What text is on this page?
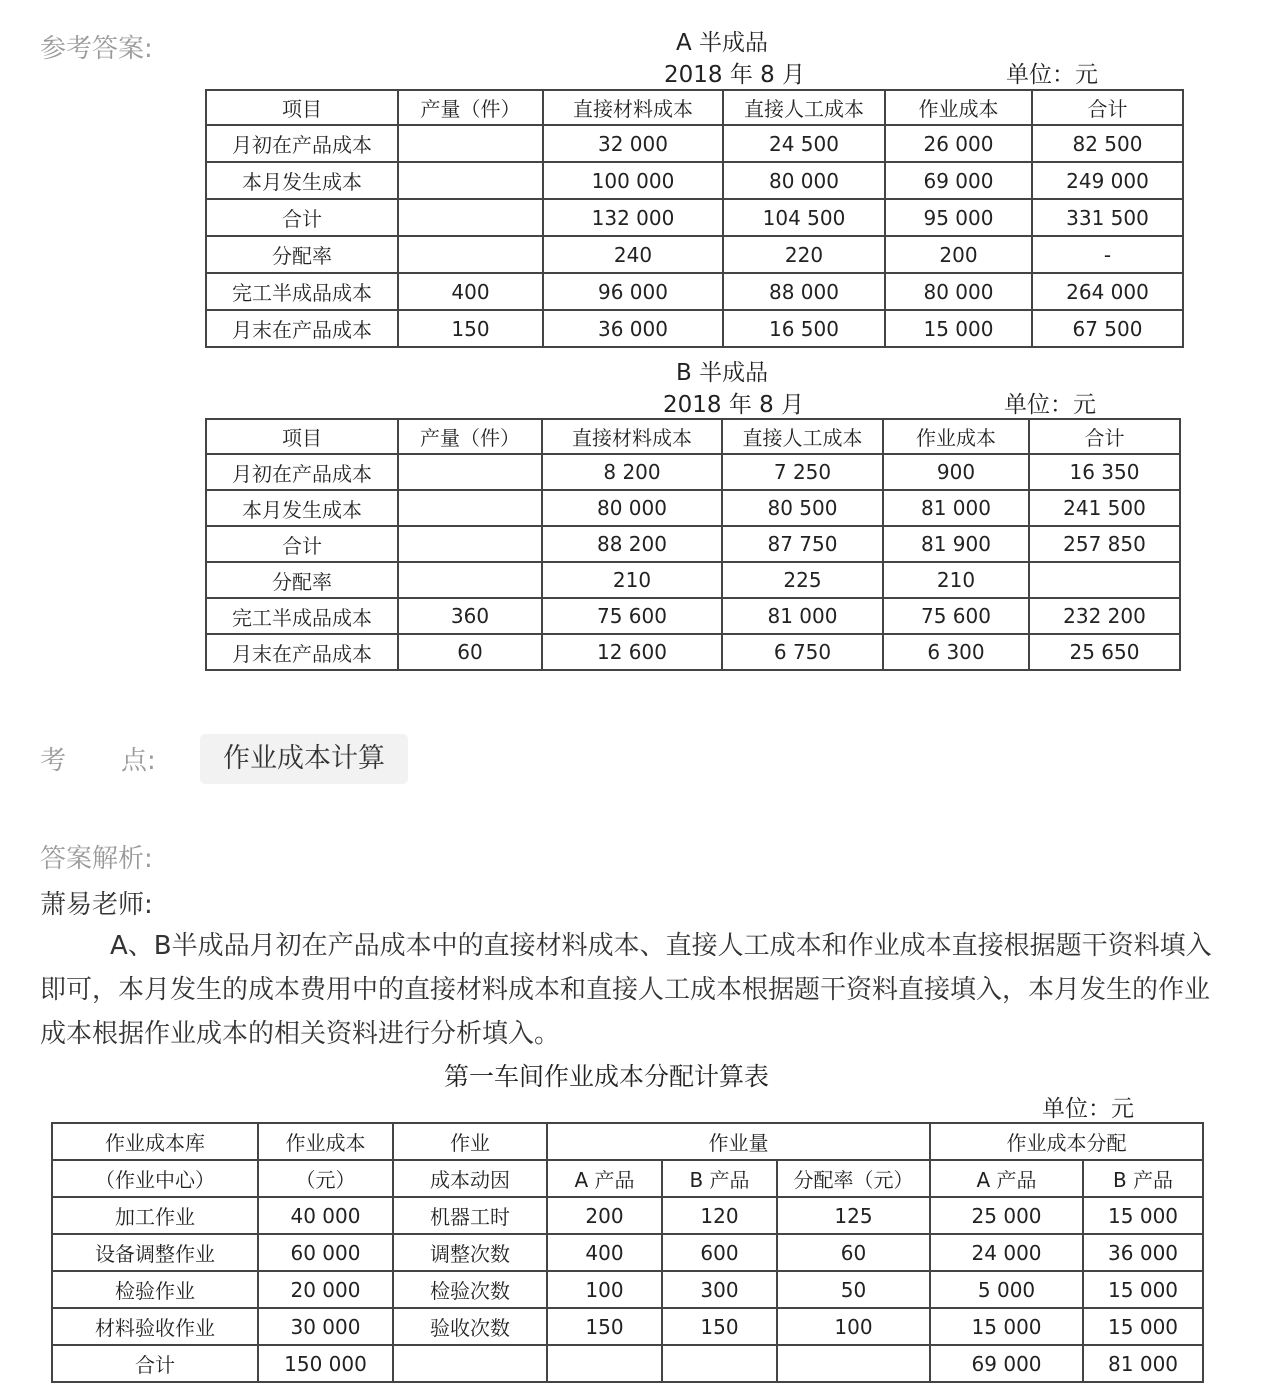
参考答案:	A 半成品
2018 年 8 月	单位：元
项目	产量（件）	直接材料成本	直接人工成本	作业成本	合计
月初在产品成本		32 000	24 500	26 000	82 500
本月发生成本		100 000	80 000	69 000	249 000
合计		132 000	104 500	95 000	331 500
分配率		240	220	200	-
完工半成品成本	400	96 000	88 000	80 000	264 000
月末在产品成本	150	36 000	16 500	15 000	67 500
B 半成品
2018 年 8 月	单位：元
项目	产量（件）	直接材料成本	直接人工成本	作业成本	合计
月初在产品成本		8 200	7 250	900	16 350
本月发生成本		80 000	80 500	81 000	241 500
合计		88 200	87 750	81 900	257 850
分配率		210	225	210	
完工半成品成本	360	75 600	81 000	75 600	232 200
月末在产品成本	60	12 600	6 750	6 300	25 650
考 点:	作业成本计算
答案解析:
萧易老师:
A、B半成品月初在产品成本中的直接材料成本、直接人工成本和作业成本直接根据题干资料填入即可，本月发生的成本费用中的直接材料成本和直接人工成本根据题干资料直接填入，本月发生的作业成本根据作业成本的相关资料进行分析填入。
第一车间作业成本分配计算表
单位：元
作业成本库	作业成本	作业	作业量			作业成本分配	
（作业中心）	（元）	成本动因	A 产品	B 产品	分配率（元）	A 产品	B 产品
加工作业	40 000	机器工时	200	120	125	25 000	15 000
设备调整作业	60 000	调整次数	400	600	60	24 000	36 000
检验作业	20 000	检验次数	100	300	50	5 000	15 000
材料验收作业	30 000	验收次数	150	150	100	15 000	15 000
合计	150 000					69 000	81 000
